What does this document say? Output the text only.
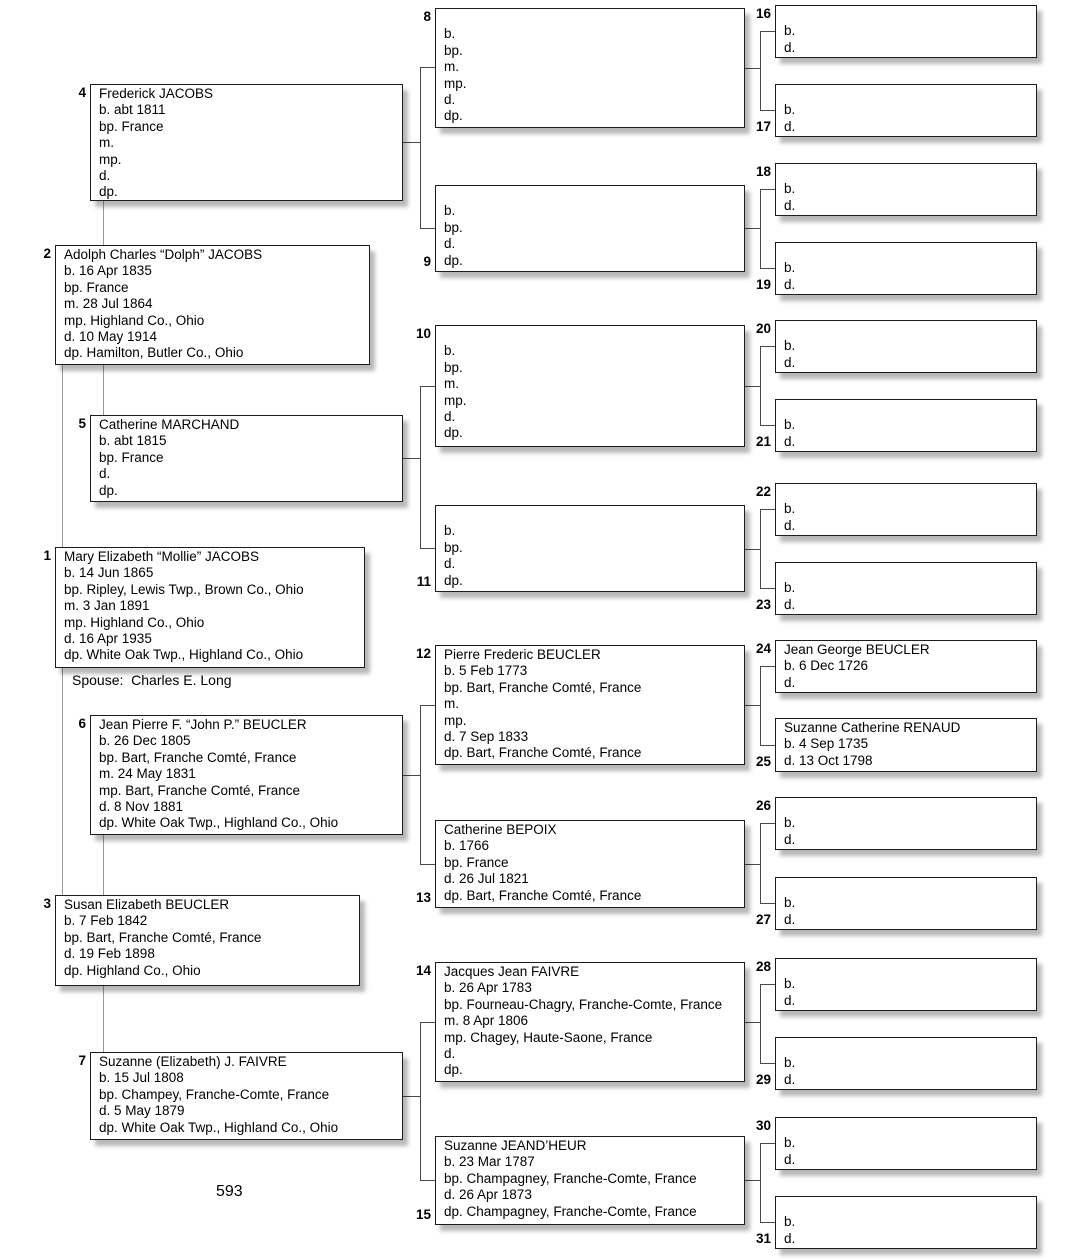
Mary Elizabeth “Mollie” JACOBS
b. 14 Jun 1865
bp. Ripley, Lewis Twp., Brown Co., Ohio
m. 3 Jan 1891
mp. Highland Co., Ohio
d. 16 Apr 1935
dp. White Oak Twp., Highland Co., Ohio
1
Adolph Charles “Dolph” JACOBS
b. 16 Apr 1835
bp. France
m. 28 Jul 1864
mp. Highland Co., Ohio
d. 10 May 1914
dp. Hamilton, Butler Co., Ohio
2
Susan Elizabeth BEUCLER
b. 7 Feb 1842
bp. Bart, Franche Comté, France
d. 19 Feb 1898
dp. Highland Co., Ohio
3
Frederick JACOBS
b. abt 1811
bp. France
m.
mp.
d.
dp.
4
Catherine MARCHAND
b. abt 1815
bp. France
d.
dp.
5
Jean Pierre F. “John P.” BEUCLER
b. 26 Dec 1805
bp. Bart, Franche Comté, France
m. 24 May 1831
mp. Bart, Franche Comté, France
d. 8 Nov 1881
dp. White Oak Twp., Highland Co., Ohio
6
Suzanne (Elizabeth) J. FAIVRE
b. 15 Jul 1808
bp. Champey, Franche-Comte, France
d. 5 May 1879
dp. White Oak Twp., Highland Co., Ohio
7
b.
bp.
m.
mp.
d.
dp.
8
b.
bp.
d.
dp.
9
b.
bp.
m.
mp.
d.
dp.
10
b.
bp.
d.
dp.
11
Pierre Frederic BEUCLER
b. 5 Feb 1773
bp. Bart, Franche Comté, France
m.
mp.
d. 7 Sep 1833
dp. Bart, Franche Comté, France
12
Catherine BEPOIX
b. 1766
bp. France
d. 26 Jul 1821
dp. Bart, Franche Comté, France
13
Jacques Jean FAIVRE
b. 26 Apr 1783
bp. Fourneau-Chagry, Franche-Comte, France
m. 8 Apr 1806
mp. Chagey, Haute-Saone, France
d.
dp.
14
Suzanne JEAND’HEUR
b. 23 Mar 1787
bp. Champagney, Franche-Comte, France
d. 26 Apr 1873
dp. Champagney, Franche-Comte, France
15
b.
d.
16
b.
d.
17
b.
d.
18
b.
d.
19
b.
d.
20
b.
d.
21
b.
d.
22
b.
d.
23
Jean George BEUCLER
b. 6 Dec 1726
d.
24
Suzanne Catherine RENAUD
b. 4 Sep 1735
d. 13 Oct 1798
25
b.
d.
26
b.
d.
27
b.
d.
28
b.
d.
29
b.
d.
30
b.
d.
31
Spouse:  Charles E. Long
593
